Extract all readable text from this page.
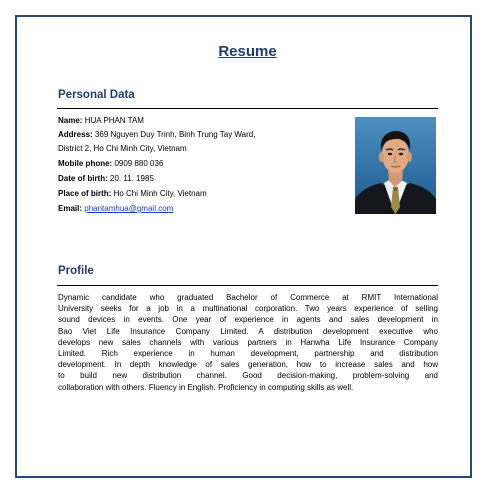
Resume
Personal Data
Name: HUA PHAN TAM
Address: 369 Nguyen Duy Trinh, Binh Trung Tay Ward,
District 2, Ho Chi Minh City, Vietnam
Mobile phone: 0909 880 036
Date of birth: 20. 11. 1985
Place of birth: Ho Chi Minh City, Vietnam
Email: phantamhua@gmail.com
Profile
Dynamic candidate who graduated Bachelor of Commerce at RMIT International
University seeks for a job in a multinational corporation. Two years experience of selling
sound devices in events. One year of experience in agents and sales development in
Bao Viet Life Insurance Company Limited. A distribution development executive who
develops new sales channels with various partners in Hanwha Life Insurance Company
Limited. Rich experience in human development, partnership and distribution
development. In depth knowledge of sales generation, how to increase sales and how
to build new distribution channel. Good decision-making, problem-solving and
collaboration with others. Fluency in English. Proficiency in computing skills as well.
